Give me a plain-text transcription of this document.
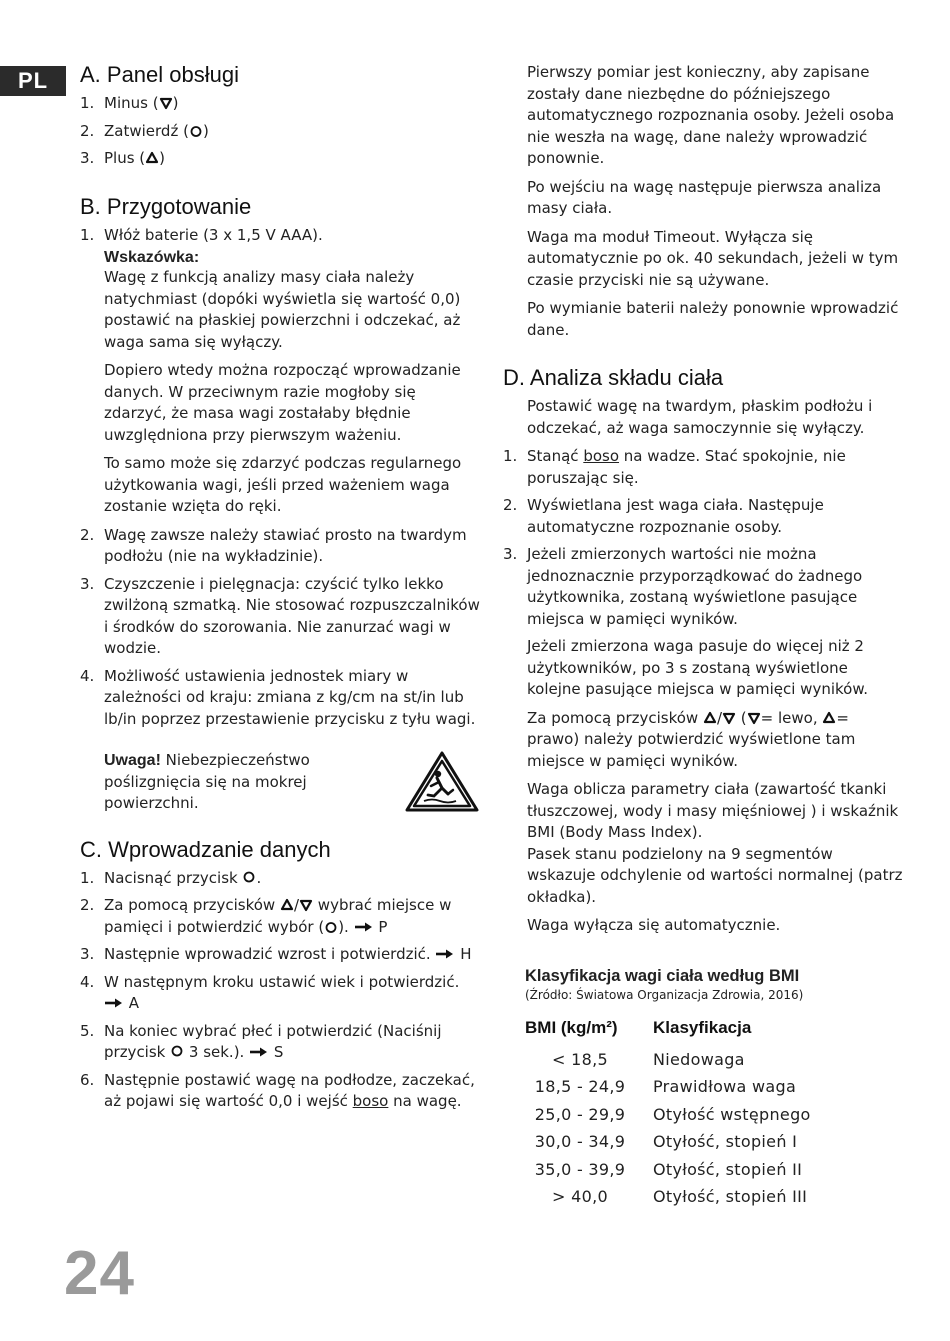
PL	A. Panel obsługi
1. Minus ( )
2. Zatwierdź ( )
3. Plus ( )
B. Przygotowanie
1. Włóż baterie (3 x 1,5 V AAA).
Wskazówka:

Wagę z funkcją analizy masy ciała należy natychmiast (dopóki wyświetla się wartość 0,0) postawić na płaskiej powierzchni i odczekać, aż waga sama się wyłączy.

Dopiero wtedy można rozpocząć wprowadzanie danych. W przeciwnym razie mogłoby się zdarzyć, że masa wagi zostałaby błędnie uwzględniona przy pierwszym ważeniu.

To samo może się zdarzyć podczas regularnego użytkowania wagi, jeśli przed ważeniem waga zostanie wzięta do ręki.

2. Wagę zawsze należy stawiać prosto na twardym podłożu (nie na wykładzinie).
3. Czyszczenie i pielęgnacja: czyścić tylko lekko zwilżoną szmatką. Nie stosować rozpuszczalników i środków do szorowania. Nie zanurzać wagi w wodzie.
4. Możliwość ustawienia jednostek miary w zależności od kraju: zmiana z kg/cm na st/in lub lb/in poprzez przestawienie przycisku z tyłu wagi.
Uwaga! Niebezpieczeństwo poślizgnięcia się na mokrej powierzchni.
C. Wprowadzanie danych
1. Nacisnąć przycisk
.
2. Za pomocą przycisków
/
wybrać miejsce w pamięci i potwierdzić wybór ( ).
P
3. Następnie wprowadzić wzrost i potwierdzić.
H
4. W następnym kroku ustawić wiek i potwierdzić.
A
5. Na koniec wybrać płeć i potwierdzić (Naciśnij przycisk
3 sek.).
S
6. Następnie postawić wagę na podłodze, zaczekać, aż pojawi się wartość 0,0 i wejść boso na wagę.

Pierwszy pomiar jest konieczny, aby zapisane zostały dane niezbędne do późniejszego automatycznego rozpoznania osoby. Jeżeli osoba nie weszła na wagę, dane należy wprowadzić ponownie.

Po wejściu na wagę następuje pierwsza analiza masy ciała.

Waga ma moduł Timeout. Wyłącza się automatycznie po ok. 40 sekundach, jeżeli w tym czasie przyciski nie są używane.

Po wymianie baterii należy ponownie wprowadzić dane.

D. Analiza składu ciała

Postawić wagę na twardym, płaskim podłożu i odczekać, aż waga samoczynnie się wyłączy.

1. Stanąć boso na wadze. Stać spokojnie, nie poruszając się.
2. Wyświetlana jest waga ciała. Następuje automatyczne rozpoznanie osoby.
3. Jeżeli zmierzonych wartości nie można jednoznacznie przyporządkować do żadnego użytkownika, zostaną wyświetlone pasujące miejsca w pamięci wyników.

Jeżeli zmierzona waga pasuje do więcej niż 2 użytkowników, po 3 s zostaną wyświetlone kolejne pasujące miejsca w pamięci wyników.

Za pomocą przycisków
/
( = lewo,
= prawo) należy potwierdzić wyświetlone tam miejsce w pamięci wyników.

Waga oblicza parametry ciała (zawartość tkanki tłuszczowej, wody i masy mięśniowej ) i wskaźnik BMI (Body Mass Index).

Pasek stanu podzielony na 9 segmentów wskazuje odchylenie od wartości normalnej (patrz okładka).

Waga wyłącza się automatycznie.

Klasyfikacja wagi ciała według BMI
(Źródło: Światowa Organizacja Zdrowia, 2016)
BMI (kg/m²)	Klasyfikacja
< 18,5	Niedowaga
18,5 - 24,9	Prawidłowa waga
25,0 - 29,9	Otyłość wstępnego
30,0 - 34,9	Otyłość, stopień I
35,0 - 39,9	Otyłość, stopień II
> 40,0	Otyłość, stopień III
24
